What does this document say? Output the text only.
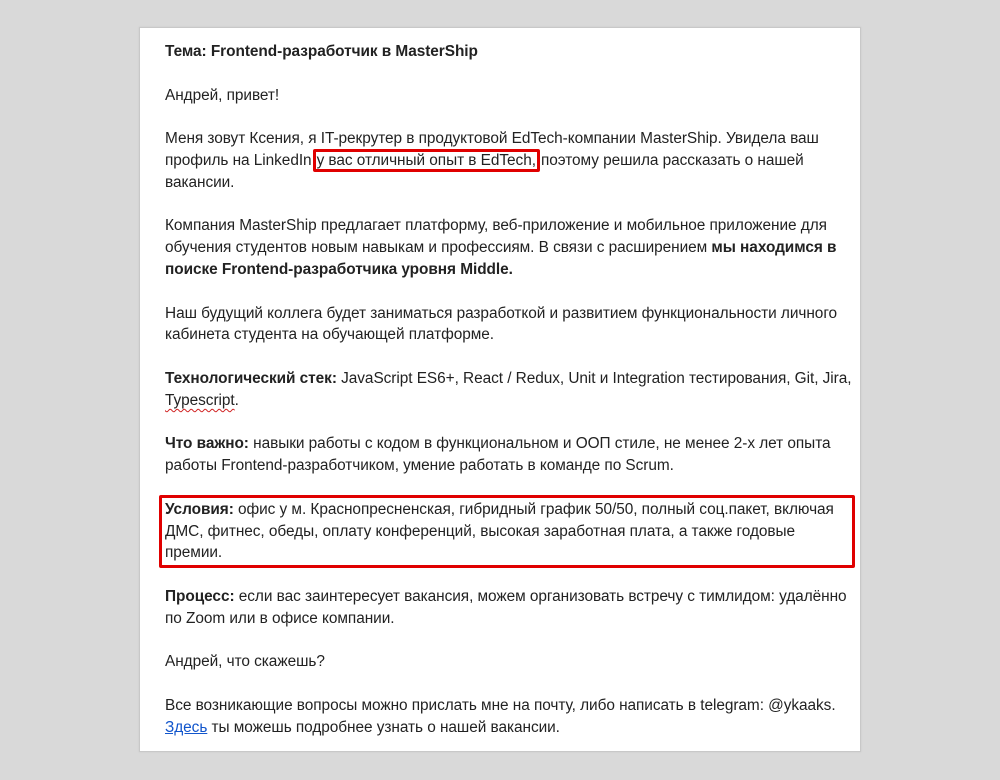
Тема: Frontend-разработчик в MasterShip

Андрей, привет!

Меня зовут Ксения, я IT-рекрутер в продуктовой EdTech-компании MasterShip. Увидела ваш профиль на LinkedIn у вас отличный опыт в EdTech, поэтому решила рассказать о нашей вакансии.

Компания MasterShip предлагает платформу, веб-приложение и мобильное приложение для обучения студентов новым навыкам и профессиям. В связи с расширением мы находимся в поиске Frontend-разработчика уровня Middle.

Наш будущий коллега будет заниматься разработкой и развитием функциональности личного кабинета студента на обучающей платформе.

Технологический стек: JavaScript ES6+, React / Redux, Unit и Integration тестирования, Git, Jira, Typescript.

Что важно: навыки работы с кодом в функциональном и ООП стиле, не менее 2-х лет опыта работы Frontend-разработчиком, умение работать в команде по Scrum.

Условия: офис у м. Краснопресненская, гибридный график 50/50, полный соц.пакет, включая ДМС, фитнес, обеды, оплату конференций, высокая заработная плата, а также годовые премии.

Процесс: если вас заинтересует вакансия, можем организовать встречу с тимлидом: удалённо по Zoom или в офисе компании.

Андрей, что скажешь?

Все возникающие вопросы можно прислать мне на почту, либо написать в telegram: @ykaaks. Здесь ты можешь подробнее узнать о нашей вакансии.
